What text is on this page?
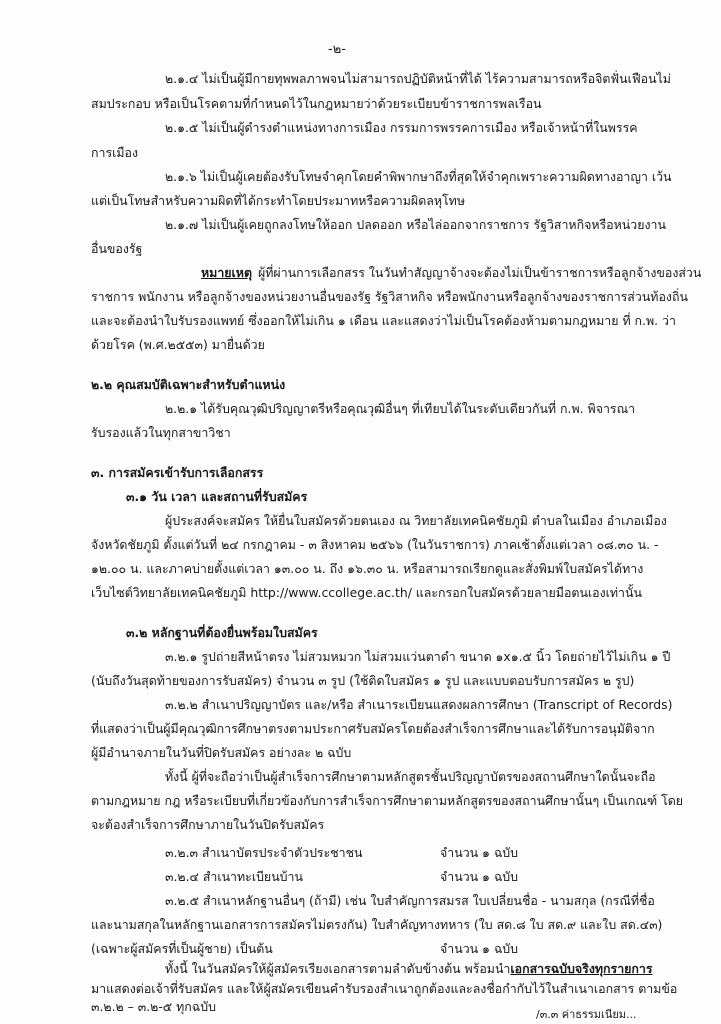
-๒-
๒.๑.๔ ไม่เป็นผู้มีกายทุพพลภาพจนไม่สามารถปฏิบัติหน้าที่ได้ ไร้ความสามารถหรือจิตฟั่นเฟือนไม่
สมประกอบ หรือเป็นโรคตามที่กำหนดไว้ในกฎหมายว่าด้วยระเบียบข้าราชการพลเรือน
๒.๑.๕ ไม่เป็นผู้ดำรงตำแหน่งทางการเมือง กรรมการพรรคการเมือง หรือเจ้าหน้าที่ในพรรค
การเมือง
๒.๑.๖ ไม่เป็นผู้เคยต้องรับโทษจำคุกโดยคำพิพากษาถึงที่สุดให้จำคุกเพราะความผิดทางอาญา เว้น
แต่เป็นโทษสำหรับความผิดที่ได้กระทำโดยประมาทหรือความผิดลหุโทษ
๒.๑.๗ ไม่เป็นผู้เคยถูกลงโทษให้ออก ปลดออก หรือไล่ออกจากราชการ รัฐวิสาหกิจหรือหน่วยงาน
อื่นของรัฐ
หมายเหตุ ผู้ที่ผ่านการเลือกสรร ในวันทำสัญญาจ้างจะต้องไม่เป็นข้าราชการหรือลูกจ้างของส่วน
ราชการ พนักงาน หรือลูกจ้างของหน่วยงานอื่นของรัฐ รัฐวิสาหกิจ หรือพนักงานหรือลูกจ้างของราชการส่วนท้องถิ่น
และจะต้องนำใบรับรองแพทย์ ซึ่งออกให้ไม่เกิน ๑ เดือน และแสดงว่าไม่เป็นโรคต้องห้ามตามกฎหมาย ที่ ก.พ. ว่า
ด้วยโรค (พ.ศ.๒๕๕๓) มายื่นด้วย
๒.๒ คุณสมบัติเฉพาะสำหรับตำแหน่ง
๒.๒.๑ ได้รับคุณวุฒิปริญญาตรีหรือคุณวุฒิอื่นๆ ที่เทียบได้ในระดับเดียวกันที่ ก.พ. พิจารณา
รับรองแล้วในทุกสาขาวิชา
๓. การสมัครเข้ารับการเลือกสรร
๓.๑ วัน เวลา และสถานที่รับสมัคร
ผู้ประสงค์จะสมัคร ให้ยื่นใบสมัครด้วยตนเอง ณ วิทยาลัยเทคนิคชัยภูมิ ตำบลในเมือง อำเภอเมือง
จังหวัดชัยภูมิ ตั้งแต่วันที่ ๒๔ กรกฎาคม - ๓ สิงหาคม ๒๕๖๖ (ในวันราชการ) ภาคเช้าตั้งแต่เวลา ๐๘.๓๐ น. -
๑๒.๐๐ น. และภาคบ่ายตั้งแต่เวลา ๑๓.๐๐ น. ถึง ๑๖.๓๐ น. หรือสามารถเรียกดูและสั่งพิมพ์ใบสมัครได้ทาง
เว็บไซต์วิทยาลัยเทคนิคชัยภูมิ http://www.ccollege.ac.th/ และกรอกใบสมัครด้วยลายมือตนเองเท่านั้น
๓.๒ หลักฐานที่ต้องยื่นพร้อมใบสมัคร
๓.๒.๑ รูปถ่ายสีหน้าตรง ไม่สวมหมวก ไม่สวมแว่นตาดำ ขนาด ๑x๑.๕ นิ้ว โดยถ่ายไว้ไม่เกิน ๑ ปี
(นับถึงวันสุดท้ายของการรับสมัคร) จำนวน ๓ รูป (ใช้ติดใบสมัคร ๑ รูป และแบบตอบรับการสมัคร ๒ รูป)
๓.๒.๒ สำเนาปริญญาบัตร และ/หรือ สำเนาระเบียนแสดงผลการศึกษา (Transcript of Records)
ที่แสดงว่าเป็นผู้มีคุณวุฒิการศึกษาตรงตามประกาศรับสมัครโดยต้องสำเร็จการศึกษาและได้รับการอนุมัติจาก
ผู้มีอำนาจภายในวันที่ปิดรับสมัคร อย่างละ ๒ ฉบับ
ทั้งนี้ ผู้ที่จะถือว่าเป็นผู้สำเร็จการศึกษาตามหลักสูตรชั้นปริญญาบัตรของสถานศึกษาใดนั้นจะถือ
ตามกฎหมาย กฎ หรือระเบียบที่เกี่ยวข้องกับการสำเร็จการศึกษาตามหลักสูตรของสถานศึกษานั้นๆ เป็นเกณฑ์ โดย
จะต้องสำเร็จการศึกษาภายในวันปิดรับสมัคร
๓.๒.๓ สำเนาบัตรประจำตัวประชาชน	จำนวน ๑ ฉบับ
๓.๒.๔ สำเนาทะเบียนบ้าน	จำนวน ๑ ฉบับ
๓.๒.๕ สำเนาหลักฐานอื่นๆ (ถ้ามี) เช่น ใบสำคัญการสมรส ใบเปลี่ยนชื่อ - นามสกุล (กรณีที่ชื่อ
และนามสกุลในหลักฐานเอกสารการสมัครไม่ตรงกัน) ใบสำคัญทางทหาร (ใบ สด.๘ ใบ สด.๙ และใบ สด.๔๓)
(เฉพาะผู้สมัครที่เป็นผู้ชาย) เป็นต้น	จำนวน ๑ ฉบับ
ทั้งนี้ ในวันสมัครให้ผู้สมัครเรียงเอกสารตามลำดับข้างต้น พร้อมนำเอกสารฉบับจริงทุกรายการ
มาแสดงต่อเจ้าที่รับสมัคร และให้ผู้สมัครเขียนคำรับรองสำเนาถูกต้องและลงชื่อกำกับไว้ในสำเนาเอกสาร ตามข้อ
๓.๒.๒ – ๓.๒-๕ ทุกฉบับ
/๓.๓ ค่าธรรมเนียม...
